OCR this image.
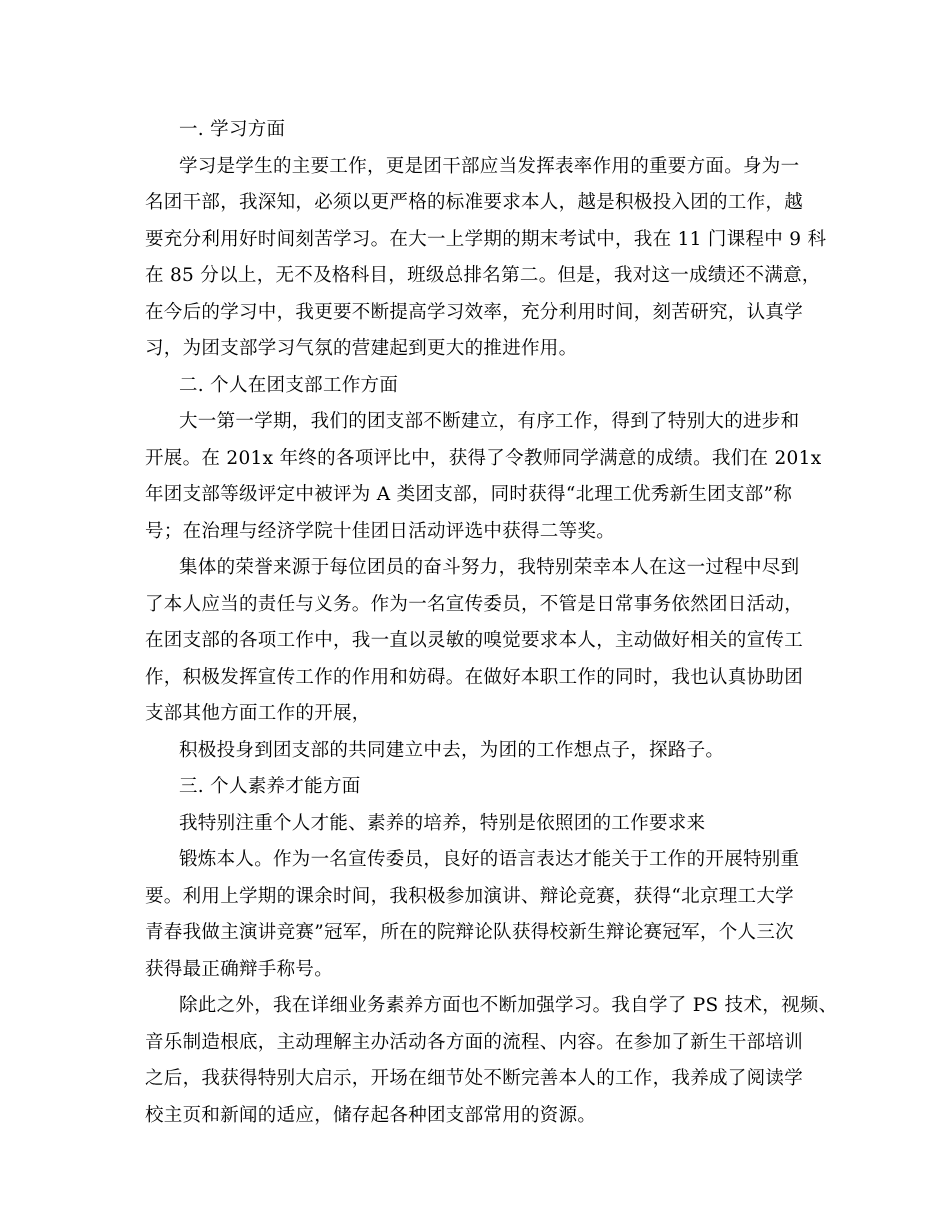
一. 学习方面
学习是学生的主要工作，更是团干部应当发挥表率作用的重要方面。身为一
名团干部，我深知，必须以更严格的标准要求本人，越是积极投入团的工作，越
要充分利用好时间刻苦学习。在大一上学期的期末考试中，我在 11 门课程中 9 科
在 85 分以上，无不及格科目，班级总排名第二。但是，我对这一成绩还不满意，
在今后的学习中，我更要不断提高学习效率，充分利用时间，刻苦研究，认真学
习，为团支部学习气氛的营建起到更大的推进作用。
二. 个人在团支部工作方面
大一第一学期，我们的团支部不断建立，有序工作，得到了特别大的进步和
开展。在 201x 年终的各项评比中，获得了令教师同学满意的成绩。我们在 201x
年团支部等级评定中被评为 A 类团支部，同时获得“北理工优秀新生团支部”称
号；在治理与经济学院十佳团日活动评选中获得二等奖。
集体的荣誉来源于每位团员的奋斗努力，我特别荣幸本人在这一过程中尽到
了本人应当的责任与义务。作为一名宣传委员，不管是日常事务依然团日活动，
在团支部的各项工作中，我一直以灵敏的嗅觉要求本人，主动做好相关的宣传工
作，积极发挥宣传工作的作用和妨碍。在做好本职工作的同时，我也认真协助团
支部其他方面工作的开展，
积极投身到团支部的共同建立中去，为团的工作想点子，探路子。
三. 个人素养才能方面
我特别注重个人才能、素养的培养，特别是依照团的工作要求来
锻炼本人。作为一名宣传委员，良好的语言表达才能关于工作的开展特别重
要。利用上学期的课余时间，我积极参加演讲、辩论竞赛，获得“北京理工大学
青春我做主演讲竞赛”冠军，所在的院辩论队获得校新生辩论赛冠军，个人三次
获得最正确辩手称号。
除此之外，我在详细业务素养方面也不断加强学习。我自学了 PS 技术，视频、
音乐制造根底，主动理解主办活动各方面的流程、内容。在参加了新生干部培训
之后，我获得特别大启示，开场在细节处不断完善本人的工作，我养成了阅读学
校主页和新闻的适应，储存起各种团支部常用的资源。
